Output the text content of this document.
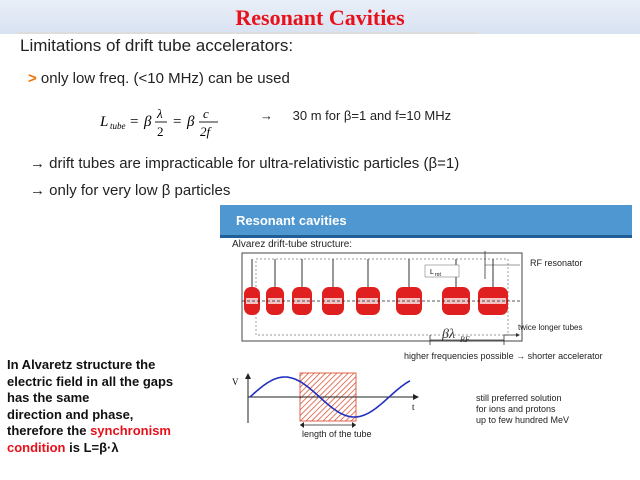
Resonant Cavities
Limitations of drift tube accelerators:
> only low freq. (<10 MHz) can be used
L tube = β
λ
2
= β
c
2f
→ 30 m for β=1 and f=10 MHz
→ drift tubes are impracticable for ultra-relativistic particles (β=1)
→ only for very low β particles
Resonant cavities
Alvarez drift-tube structure:
L rot
βλ RF
RF resonator
twice longer tubes
higher frequencies possible → shorter accelerator
V
t
length of the tube
still preferred solution
for ions and protons
up to few hundred MeV
In Alvaretz structure the
electric field in all the gaps
has the same
direction and phase,
therefore the synchronism
condition is L=β·λ
